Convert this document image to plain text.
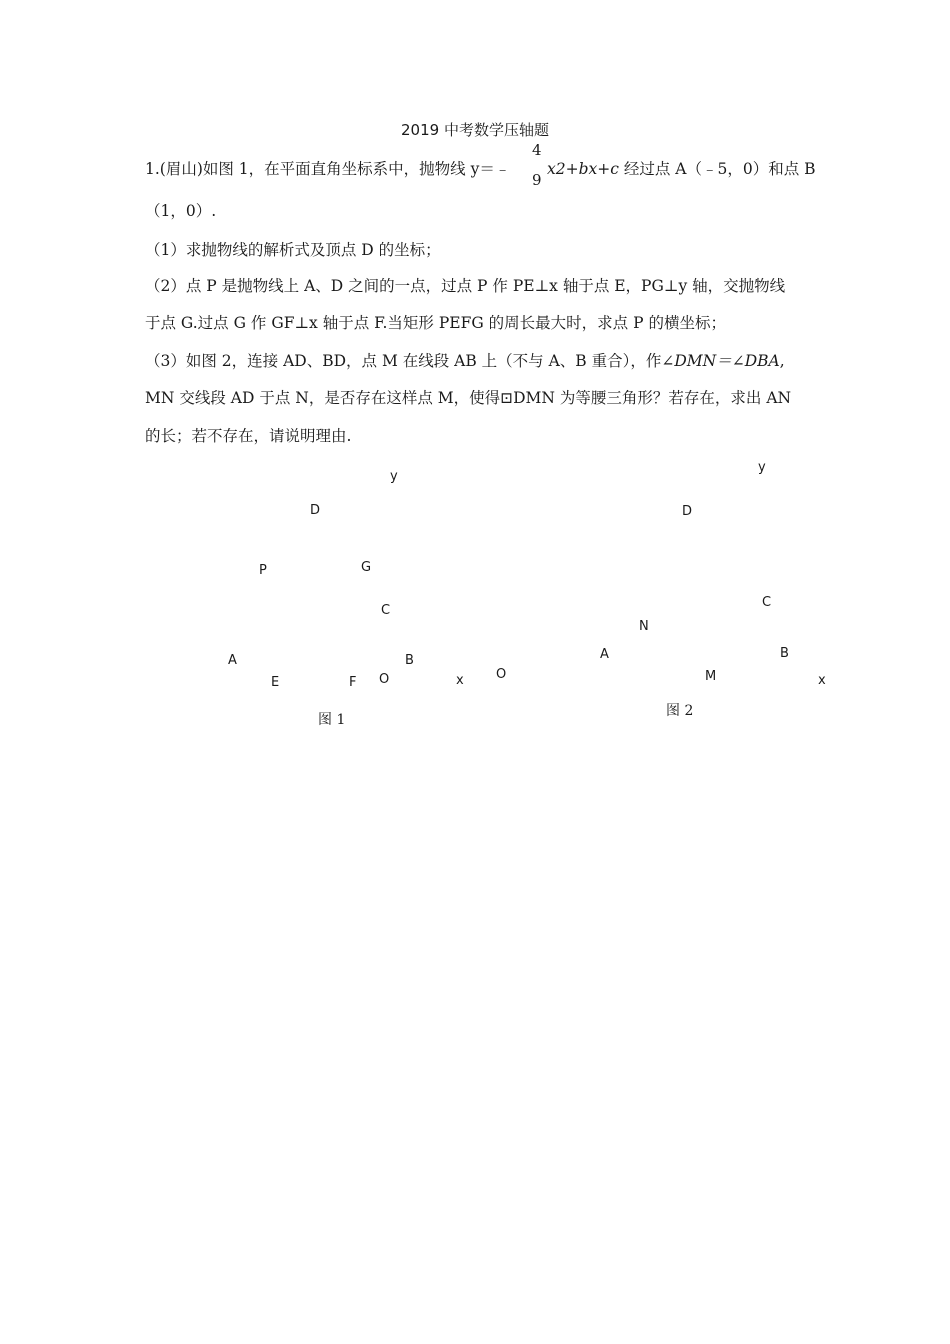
2019 中考数学压轴题
1.(眉山)如图 1，在平面直角坐标系中，抛物线 y＝﹣
4
9
x2+bx+c 经过点 A（﹣5，0）和点 B
（1，0）.
（1）求抛物线的解析式及顶点 D 的坐标；
（2）点 P 是抛物线上 A、D 之间的一点，过点 P 作 PE⊥x 轴于点 E，PG⊥y 轴，交抛物线
于点 G.过点 G 作 GF⊥x 轴于点 F.当矩形 PEFG 的周长最大时，求点 P 的横坐标；
（3）如图 2，连接 AD、BD，点 M 在线段 AB 上（不与 A、B 重合），作∠DMN＝∠DBA,
MN 交线段 AD 于点 N，是否存在这样点 M，使得⊡DMN 为等腰三角形？若存在，求出 AN
的长；若不存在，请说明理由.
y
D
P	G
C
A	B
E	F O	x O
图 1
y
D
C
N
A	B
M	x
图 2
